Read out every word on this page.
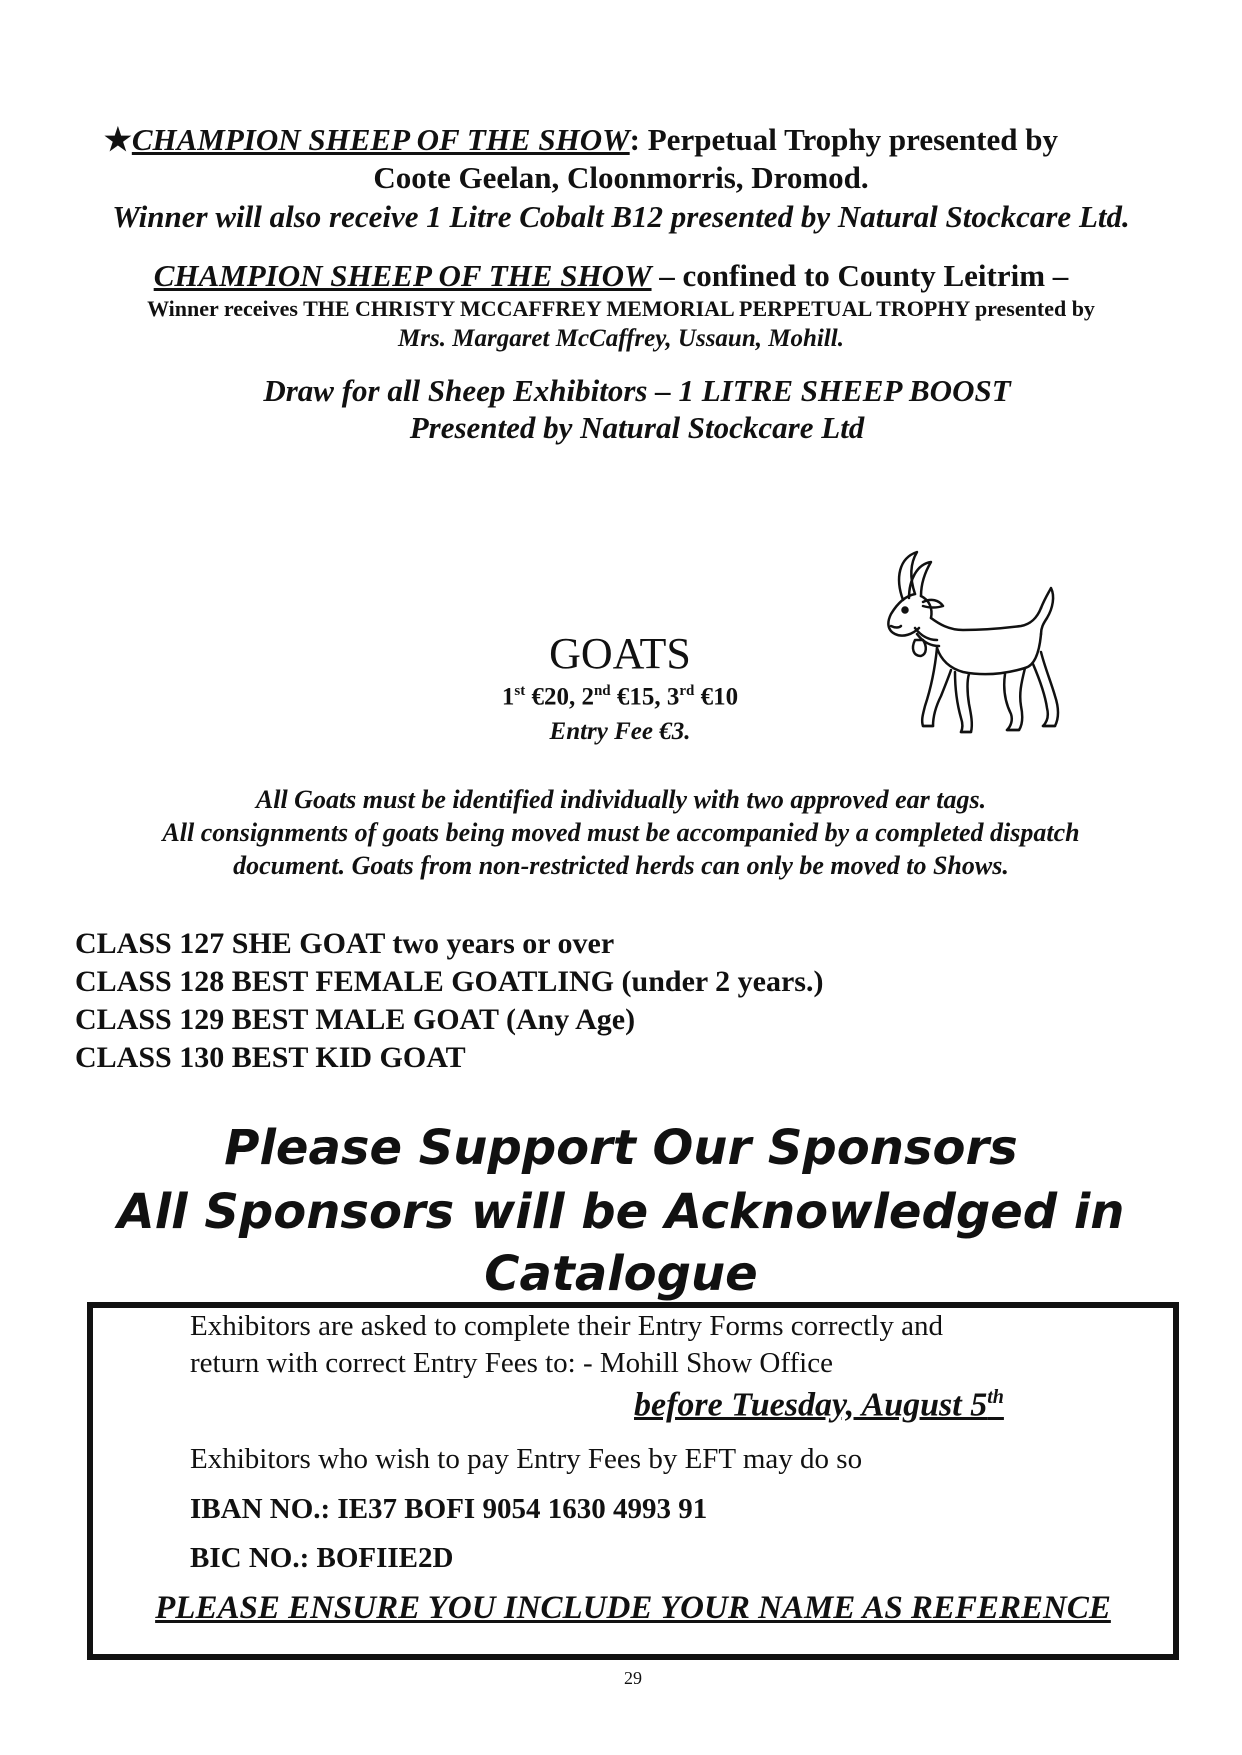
★CHAMPION SHEEP OF THE SHOW: Perpetual Trophy presented by
Coote Geelan, Cloonmorris, Dromod.
Winner will also receive 1 Litre Cobalt B12 presented by Natural Stockcare Ltd.
CHAMPION SHEEP OF THE SHOW – confined to County Leitrim –
Winner receives THE CHRISTY MCCAFFREY MEMORIAL PERPETUAL TROPHY presented by
Mrs. Margaret McCaffrey, Ussaun, Mohill.
Draw for all Sheep Exhibitors – 1 LITRE SHEEP BOOST
Presented by Natural Stockcare Ltd
GOATS
1st €20, 2nd €15, 3rd €10
Entry Fee €3.
All Goats must be identified individually with two approved ear tags.
All consignments of goats being moved must be accompanied by a completed dispatch
document. Goats from non-restricted herds can only be moved to Shows.
CLASS 127 SHE GOAT two years or over
CLASS 128 BEST FEMALE GOATLING (under 2 years.)
CLASS 129 BEST MALE GOAT (Any Age)
CLASS 130 BEST KID GOAT
Please Support Our Sponsors
All Sponsors will be Acknowledged in
Catalogue
Exhibitors are asked to complete their Entry Forms correctly and
return with correct Entry Fees to: - Mohill Show Office
before Tuesday, August 5th
Exhibitors who wish to pay Entry Fees by EFT may do so
IBAN NO.: IE37 BOFI 9054 1630 4993 91
BIC NO.: BOFIIE2D
PLEASE ENSURE YOU INCLUDE YOUR NAME AS REFERENCE
29
